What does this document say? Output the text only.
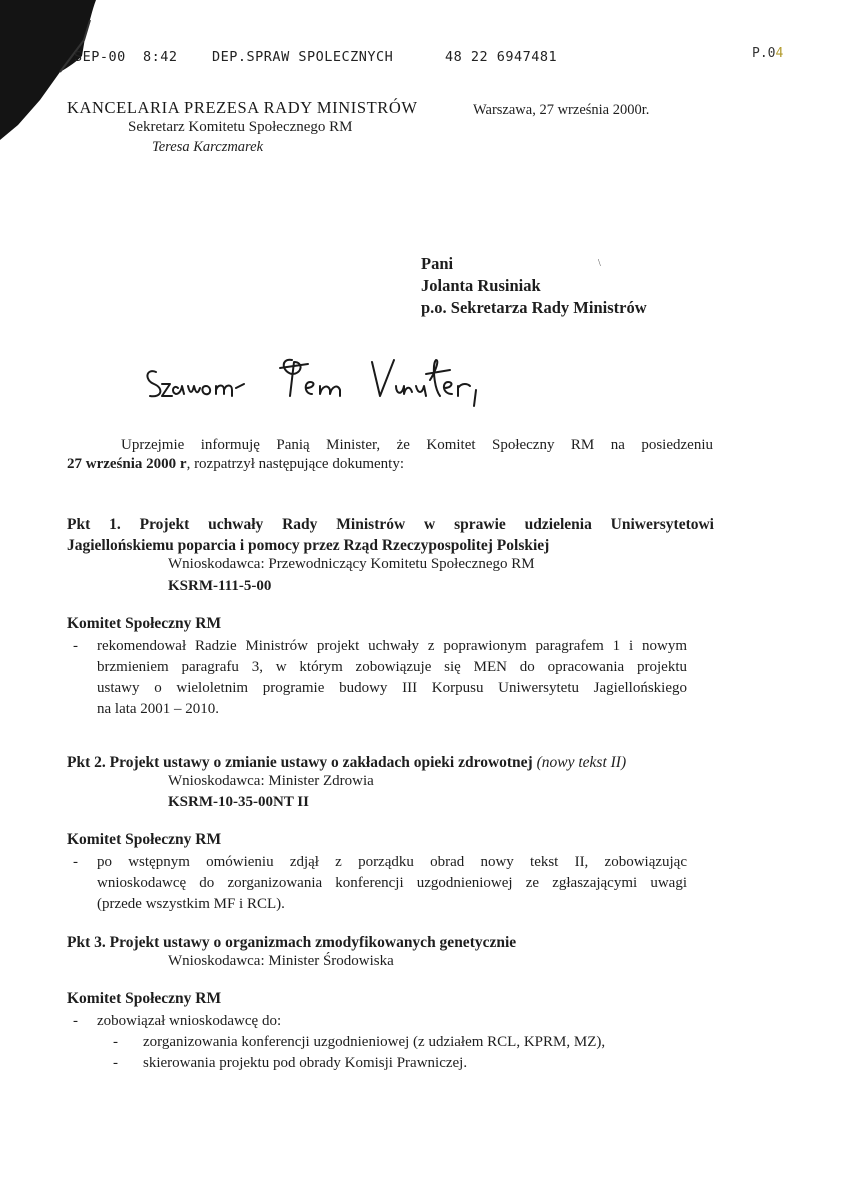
SEP-00  8:42    DEP.SPRAW SPOLECZNYCH      48 22 6947481	P.04
KANCELARIA PREZESA RADY MINISTRÓW
Sekretarz Komitetu Społecznego RM
Teresa Karczmarek
Warszawa, 27 września 2000r.
Pani
Jolanta Rusiniak
p.o. Sekretarza Rady Ministrów
\
Uprzejmie informuję Panią Minister, że Komitet Społeczny RM na posiedzeniu
27 września 2000 r, rozpatrzył następujące dokumenty:
Pkt 1. Projekt uchwały Rady Ministrów w sprawie udzielenia Uniwersytetowi
Jagiellońskiemu poparcia i pomocy przez Rząd Rzeczypospolitej Polskiej
Wnioskodawca: Przewodniczący Komitetu Społecznego RM
KSRM-111-5-00
Komitet Społeczny RM
-	rekomendował Radzie Ministrów projekt uchwały z poprawionym paragrafem 1 i nowym
brzmieniem paragrafu 3, w którym zobowiązuje się MEN do opracowania projektu
ustawy o wieloletnim programie budowy III Korpusu Uniwersytetu Jagiellońskiego
na lata 2001 – 2010.
Pkt 2. Projekt ustawy o zmianie ustawy o zakładach opieki zdrowotnej (nowy tekst II)
Wnioskodawca: Minister Zdrowia
KSRM-10-35-00NT II
Komitet Społeczny RM
-	po wstępnym omówieniu zdjął z porządku obrad nowy tekst II, zobowiązując
wnioskodawcę do zorganizowania konferencji uzgodnieniowej ze zgłaszającymi uwagi
(przede wszystkim MF i RCL).
Pkt 3. Projekt ustawy o organizmach zmodyfikowanych genetycznie
Wnioskodawca: Minister Środowiska
Komitet Społeczny RM
-	zobowiązał wnioskodawcę do:
- zorganizowania konferencji uzgodnieniowej (z udziałem RCL, KPRM, MZ),
- skierowania projektu pod obrady Komisji Prawniczej.
